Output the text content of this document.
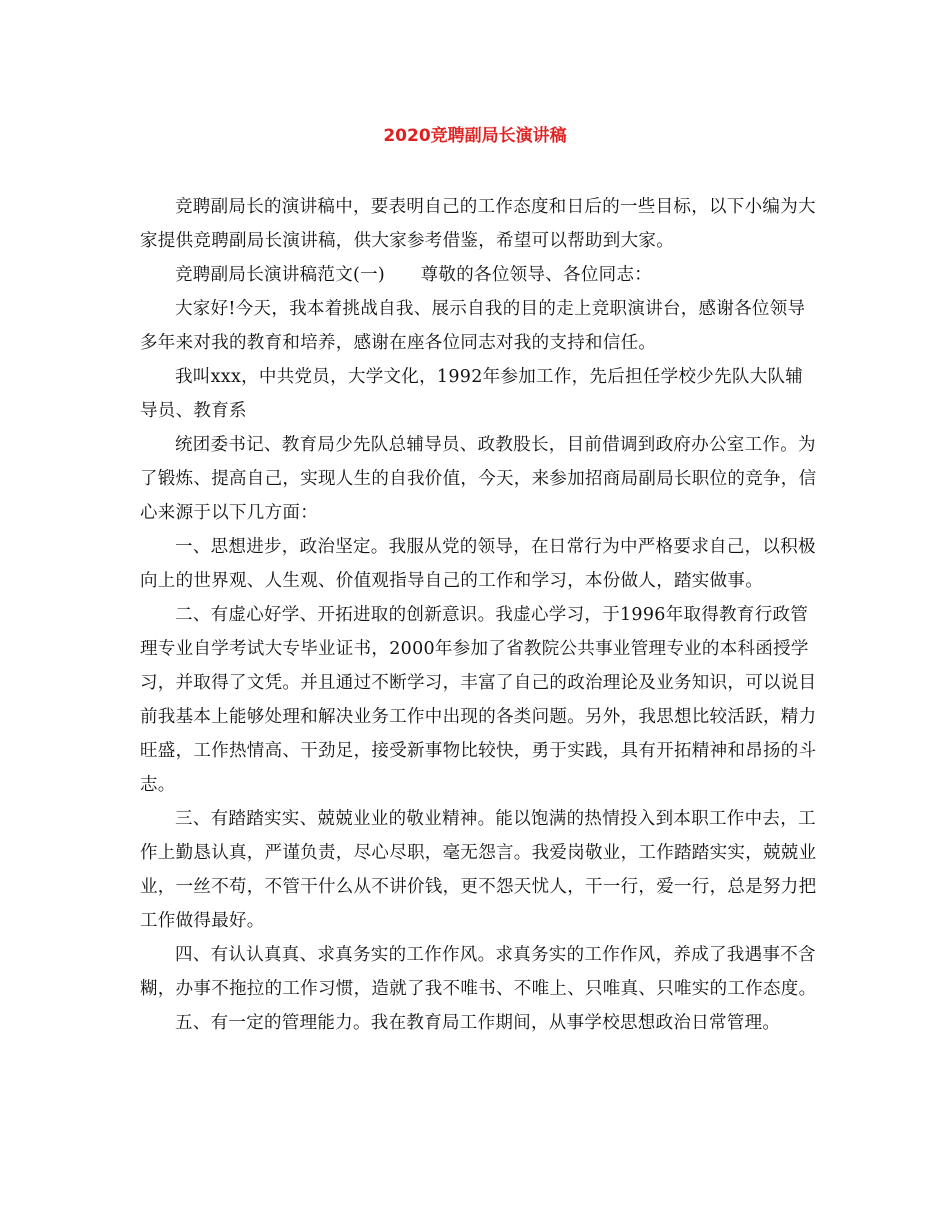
2020竞聘副局长演讲稿

竞聘副局长的演讲稿中，要表明自己的工作态度和日后的一些目标，以下小编为大家提供竞聘副局长演讲稿，供大家参考借鉴，希望可以帮助到大家。

竞聘副局长演讲稿范文(一)　　尊敬的各位领导、各位同志：

大家好!今天，我本着挑战自我、展示自我的目的走上竞职演讲台，感谢各位领导多年来对我的教育和培养，感谢在座各位同志对我的支持和信任。

我叫xxx，中共党员，大学文化，1992年参加工作，先后担任学校少先队大队辅导员、教育系

统团委书记、教育局少先队总辅导员、政教股长，目前借调到政府办公室工作。为了锻炼、提高自己，实现人生的自我价值，今天，来参加招商局副局长职位的竞争，信心来源于以下几方面：

一、思想进步，政治坚定。我服从党的领导，在日常行为中严格要求自己，以积极向上的世界观、人生观、价值观指导自己的工作和学习，本份做人，踏实做事。

二、有虚心好学、开拓进取的创新意识。我虚心学习，于1996年取得教育行政管理专业自学考试大专毕业证书，2000年参加了省教院公共事业管理专业的本科函授学习，并取得了文凭。并且通过不断学习，丰富了自己的政治理论及业务知识，可以说目前我基本上能够处理和解决业务工作中出现的各类问题。另外，我思想比较活跃，精力旺盛，工作热情高、干劲足，接受新事物比较快，勇于实践，具有开拓精神和昂扬的斗志。

三、有踏踏实实、兢兢业业的敬业精神。能以饱满的热情投入到本职工作中去，工作上勤恳认真，严谨负责，尽心尽职，毫无怨言。我爱岗敬业，工作踏踏实实，兢兢业业，一丝不苟，不管干什么从不讲价钱，更不怨天忧人，干一行，爱一行，总是努力把工作做得最好。

四、有认认真真、求真务实的工作作风。求真务实的工作作风，养成了我遇事不含糊，办事不拖拉的工作习惯，造就了我不唯书、不唯上、只唯真、只唯实的工作态度。

五、有一定的管理能力。我在教育局工作期间，从事学校思想政治日常管理。
